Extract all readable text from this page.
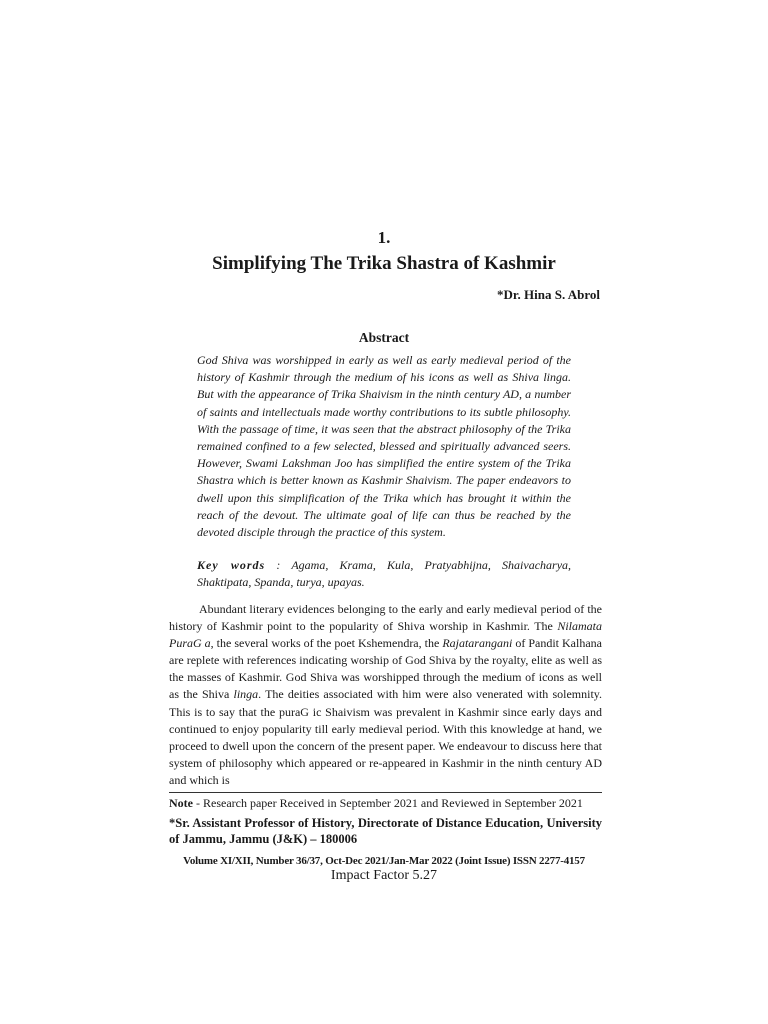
1.
Simplifying The Trika Shastra of Kashmir
*Dr. Hina S. Abrol
Abstract

God Shiva was worshipped in early as well as early medieval period of the history of Kashmir through the medium of his icons as well as Shiva linga. But with the appearance of Trika Shaivism in the ninth century AD, a number of saints and intellectuals made worthy contributions to its subtle philosophy. With the passage of time, it was seen that the abstract philosophy of the Trika remained confined to a few selected, blessed and spiritually advanced seers. However, Swami Lakshman Joo has simplified the entire system of the Trika Shastra which is better known as Kashmir Shaivism. The paper endeavors to dwell upon this simplification of the Trika which has brought it within the reach of the devout. The ultimate goal of life can thus be reached by the devoted disciple through the practice of this system.

Key words : Agama, Krama, Kula, Pratyabhijna, Shaivacharya, Shaktipata, Spanda, turya, upayas.

Abundant literary evidences belonging to the early and early medieval period of the history of Kashmir point to the popularity of Shiva worship in Kashmir. The Nilamata PuraG a, the several works of the poet Kshemendra, the Rajatarangani of Pandit Kalhana are replete with references indicating worship of God Shiva by the royalty, elite as well as the masses of Kashmir. God Shiva was worshipped through the medium of icons as well as the Shiva linga. The deities associated with him were also venerated with solemnity. This is to say that the puraG ic Shaivism was prevalent in Kashmir since early days and continued to enjoy popularity till early medieval period. With this knowledge at hand, we proceed to dwell upon the concern of the present paper. We endeavour to discuss here that system of philosophy which appeared or re-appeared in Kashmir in the ninth century AD and which is

Note - Research paper Received in September 2021 and Reviewed in September 2021

*Sr. Assistant Professor of History, Directorate of Distance Education, University of Jammu, Jammu (J&K) – 180006

Volume XI/XII, Number 36/37, Oct-Dec 2021/Jan-Mar 2022 (Joint Issue) ISSN 2277-4157
Impact Factor 5.27
